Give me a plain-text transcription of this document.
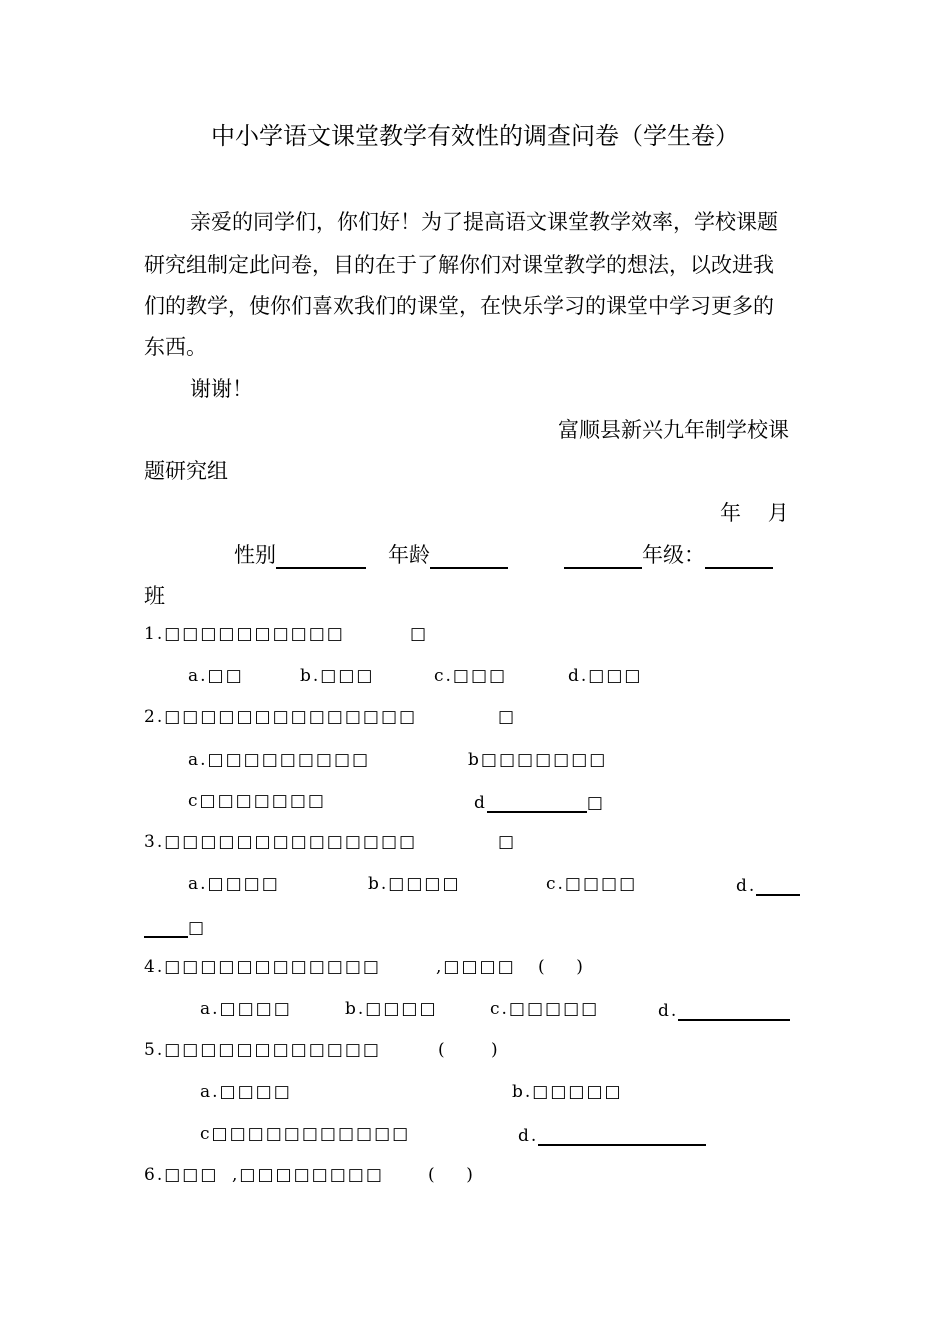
中小学语文课堂教学有效性的调查问卷（学生卷）
亲爱的同学们，你们好！为了提高语文课堂教学效率，学校课题
研究组制定此问卷，目的在于了解你们对课堂教学的想法，以改进我
们的教学，使你们喜欢我们的课堂，在快乐学习的课堂中学习更多的
东西。
谢谢！
富顺县新兴九年制学校课
题研究组
年    月
性别	年龄	年级：
班
1.□□□□□□□□□□	□
a.□□	b.□□□	c.□□□	d.□□□
2.□□□□□□□□□□□□□□	□
a.□□□□□□□□□	b□□□□□□□
c□□□□□□□	d	□
3.□□□□□□□□□□□□□□	□
a.□□□□	b.□□□□	c.□□□□	d.
□
4.□□□□□□□□□□□□	,□□□□ (    )
a.□□□□	b.□□□□	c.□□□□□	d.
5.□□□□□□□□□□□□	(      )
a.□□□□	b.□□□□□
c□□□□□□□□□□□	d.
6.□□□ ,□□□□□□□□	(    )
